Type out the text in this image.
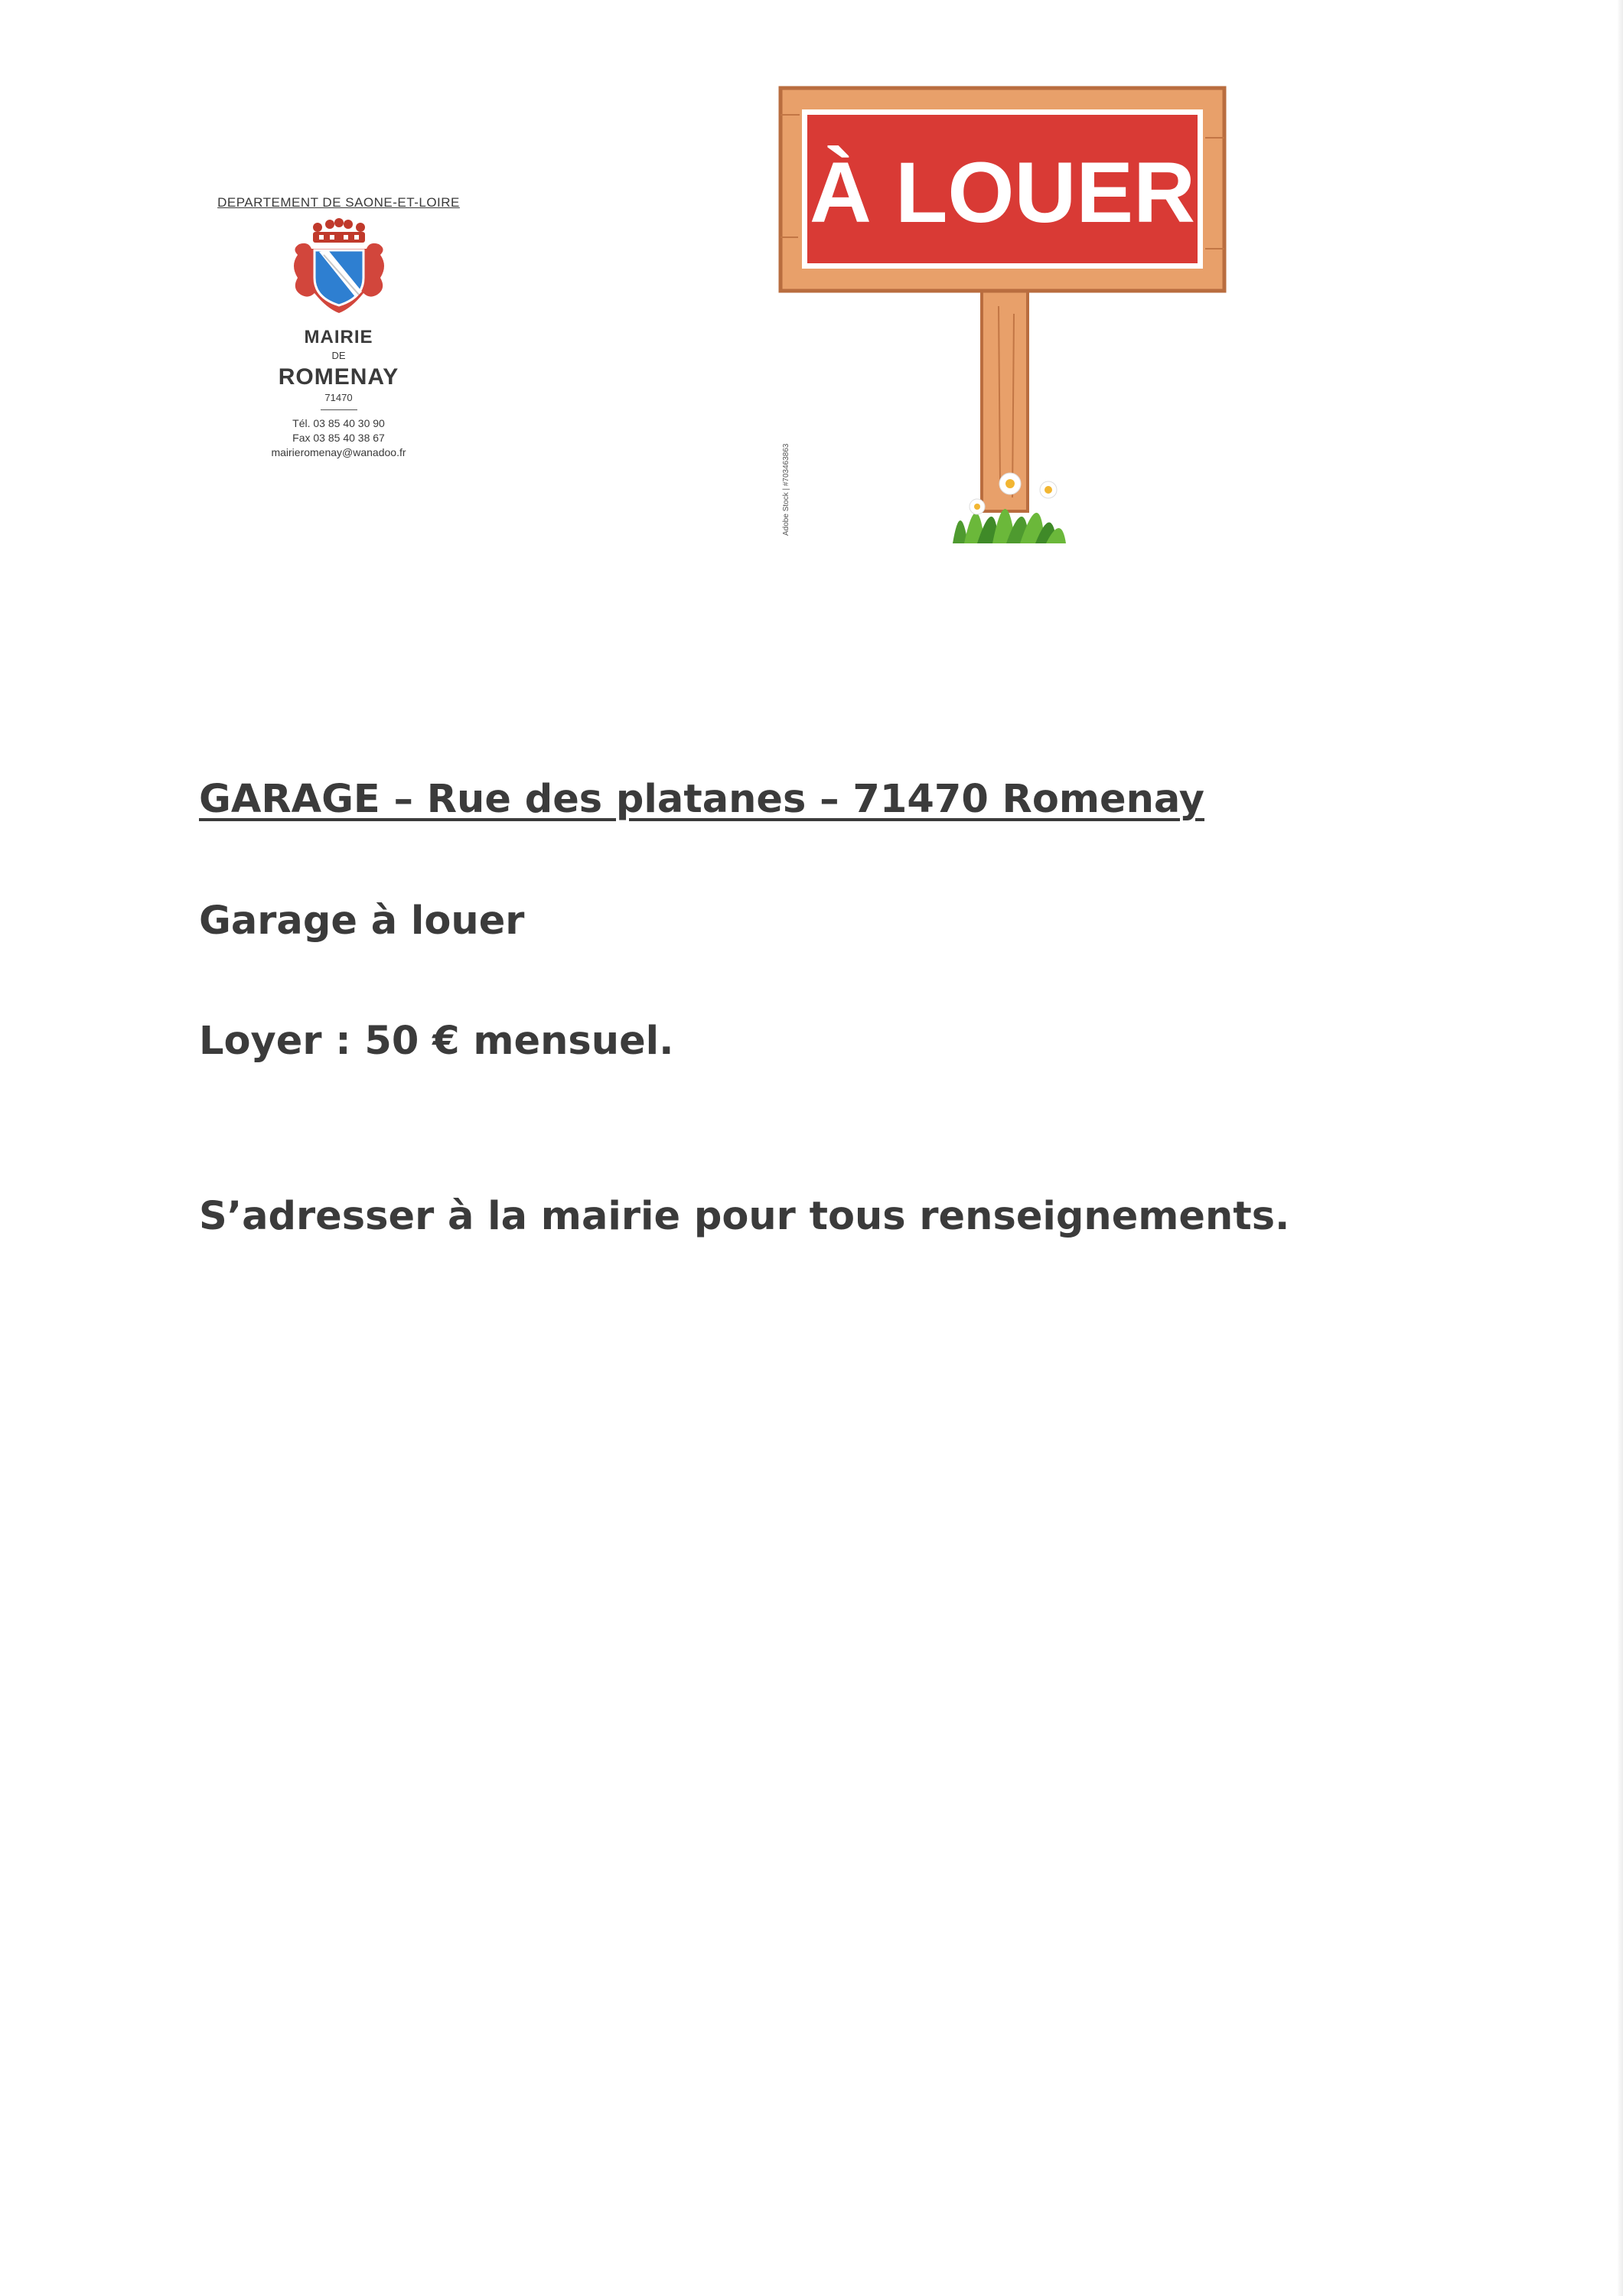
DEPARTEMENT DE SAONE-ET-LOIRE
MAIRIE
DE
ROMENAY
71470
Tél. 03 85 40 30 90
Fax 03 85 40 38 67
mairieromenay@wanadoo.fr
À LOUER
Adobe Stock | #703463863

GARAGE – Rue des platanes – 71470 Romenay

Garage à louer

Loyer : 50 € mensuel.

S’adresser à la mairie pour tous renseignements.
